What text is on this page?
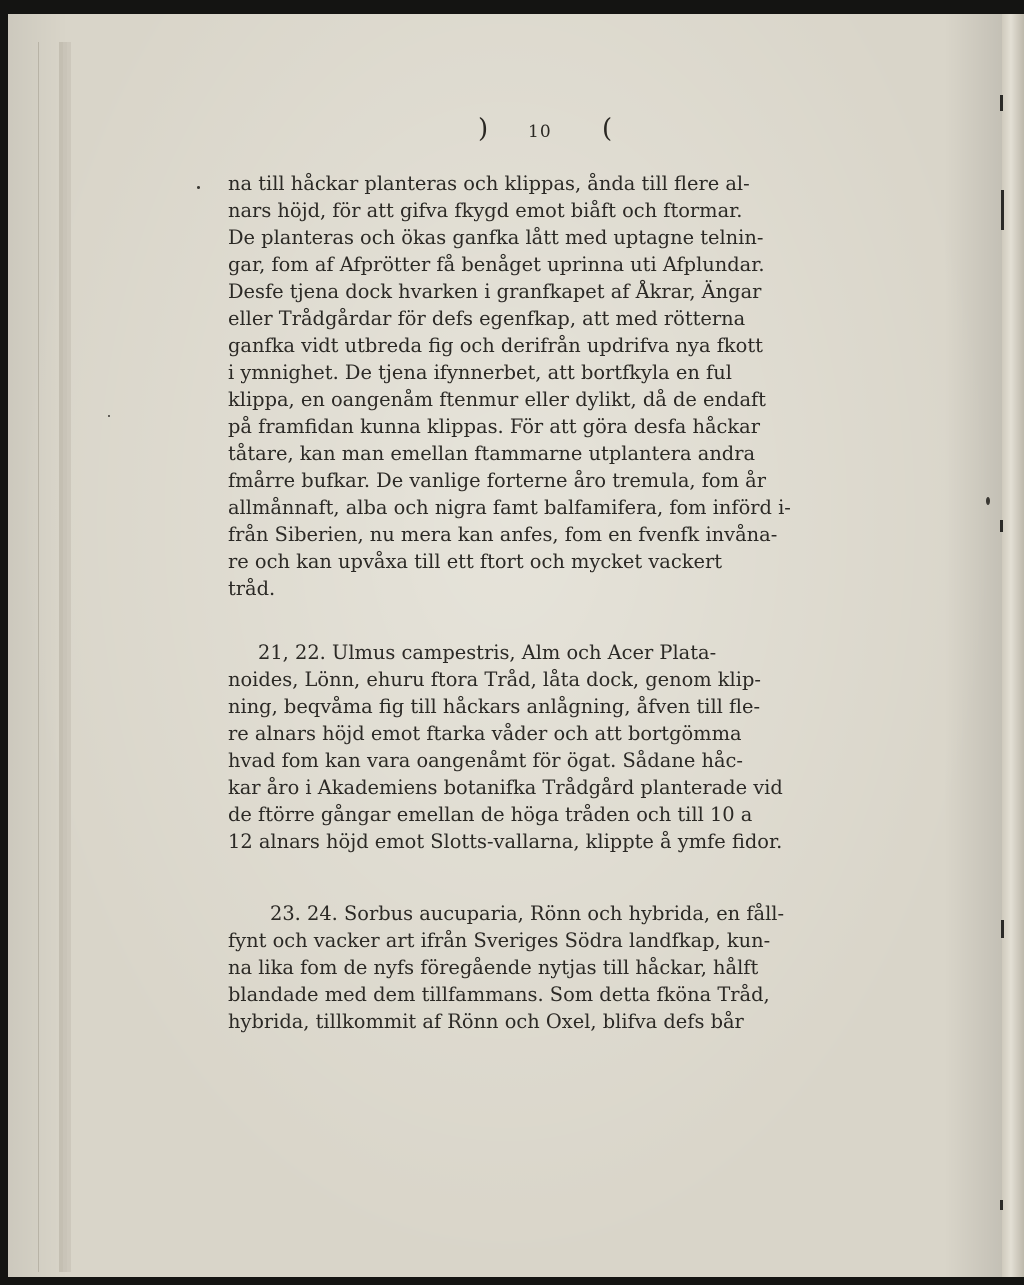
) 10 (
na till håckar planteras och klippas, ånda till flere al-
nars höjd, för att gifva fkygd emot biåft och ftormar.
De planteras och ökas ganfka lått med uptagne telnin-
gar, fom af Afprötter få benåget uprinna uti Afplundar.
Desfe tjena dock hvarken i granfkapet af Åkrar, Ängar
eller Trådgårdar för defs egenfkap, att med rötterna
ganfka vidt utbreda fig och derifrån updrifva nya fkott
i ymnighet. De tjena ifynnerbet, att bortfkyla en ful
klippa, en oangenåm ftenmur eller dylikt, då de endaft
på framfidan kunna klippas. För att göra desfa håckar
tåtare, kan man emellan ftammarne utplantera andra
fmårre bufkar. De vanlige forterne åro tremula, fom år
allmånnaft, alba och nigra famt balfamifera, fom införd i-
från Siberien, nu mera kan anfes, fom en fvenfk invåna-
re och kan upvåxa till ett ftort och mycket vackert
tråd.
21, 22. Ulmus campestris, Alm och Acer Plata-
noides, Lönn, ehuru ftora Tråd, låta dock, genom klip-
ning, beqvåma fig till håckars anlågning, åfven till fle-
re alnars höjd emot ftarka våder och att bortgömma
hvad fom kan vara oangenåmt för ögat. Sådane håc-
kar åro i Akademiens botanifka Trådgård planterade vid
de ftörre gångar emellan de höga tråden och till 10 a
12 alnars höjd emot Slotts-vallarna, klippte å ymfe fidor.
23. 24. Sorbus aucuparia, Rönn och hybrida, en fåll-
fynt och vacker art ifrån Sveriges Södra landfkap, kun-
na lika fom de nyfs föregående nytjas till håckar, hålft
blandade med dem tillfammans. Som detta fköna Tråd,
hybrida, tillkommit af Rönn och Oxel, blifva defs bår
